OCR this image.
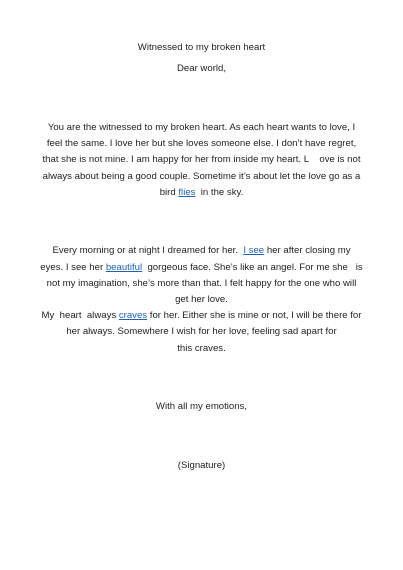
Witnessed to my broken heart
Dear world,
You are the witnessed to my broken heart. As each heart wants to love, I
feel the same. I love her but she loves someone else. I don’t have regret,
that she is not mine. I am happy for her from inside my heart. L    ove is not
always about being a good couple. Sometime it’s about let the love go as a
bird flies  in the sky.
Every morning or at night I dreamed for her.  I see her after closing my
eyes. I see her beautiful  gorgeous face. She’s like an angel. For me she   is
not my imagination, she’s more than that. I felt happy for the one who will
get her love.
My  heart  always craves for her. Either she is mine or not, I will be there for
her always. Somewhere I wish for her love, feeling sad apart for
this craves.
With all my emotions,
(Signature)
